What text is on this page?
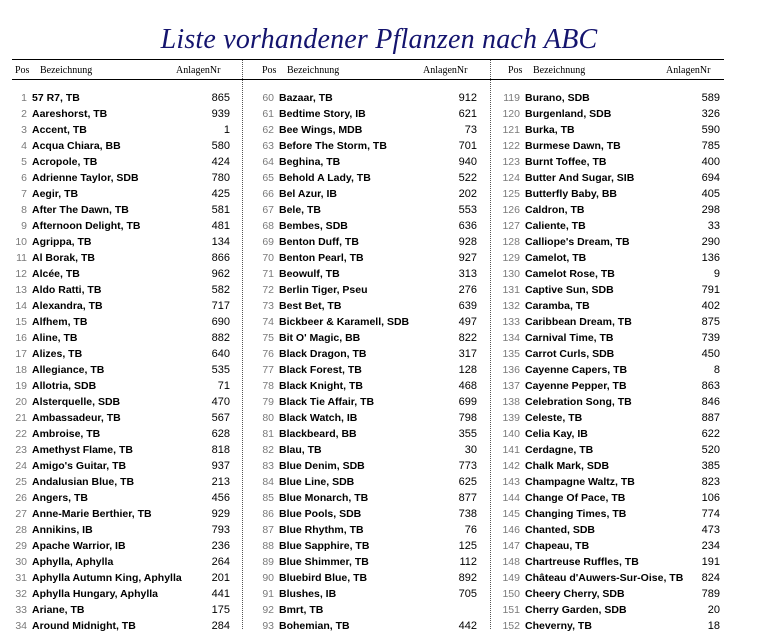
Liste vorhandener Pflanzen nach ABC
Pos Bezeichnung	AnlagenNr	Pos Bezeichnung	AnlagenNr	Pos Bezeichnung	AnlagenNr
1 57 R7, TB	865
2 Aareshorst, TB	939
3 Accent, TB	1
4 Acqua Chiara, BB	580
5 Acropole, TB	424
6 Adrienne Taylor, SDB	780
7 Aegir, TB	425
8 After The Dawn, TB	581
9 Afternoon Delight, TB	481
10 Agrippa, TB	134
11 Al Borak, TB	866
12 Alcée, TB	962
13 Aldo Ratti, TB	582
14 Alexandra, TB	717
15 Alfhem, TB	690
16 Aline, TB	882
17 Alizes, TB	640
18 Allegiance, TB	535
19 Allotria, SDB	71
20 Alsterquelle, SDB	470
21 Ambassadeur, TB	567
22 Ambroise, TB	628
23 Amethyst Flame, TB	818
24 Amigo's Guitar, TB	937
25 Andalusian Blue, TB	213
26 Angers, TB	456
27 Anne-Marie Berthier, TB	929
28 Annikins, IB	793
29 Apache Warrior, IB	236
30 Aphylla, Aphylla	264
31 Aphylla Autumn King, Aphylla	201
32 Aphylla Hungary, Aphylla	441
33 Ariane, TB	175
34 Around Midnight, TB	284
60 Bazaar, TB	912
61 Bedtime Story, IB	621
62 Bee Wings, MDB	73
63 Before The Storm, TB	701
64 Beghina, TB	940
65 Behold A Lady, TB	522
66 Bel Azur, IB	202
67 Bele, TB	553
68 Bembes, SDB	636
69 Benton Duff, TB	928
70 Benton Pearl, TB	927
71 Beowulf, TB	313
72 Berlin Tiger, Pseu	276
73 Best Bet, TB	639
74 Bickbeer & Karamell, SDB	497
75 Bit O' Magic, BB	822
76 Black Dragon, TB	317
77 Black Forest, TB	128
78 Black Knight, TB	468
79 Black Tie Affair, TB	699
80 Black Watch, IB	798
81 Blackbeard, BB	355
82 Blau, TB	30
83 Blue Denim, SDB	773
84 Blue Line, SDB	625
85 Blue Monarch, TB	877
86 Blue Pools, SDB	738
87 Blue Rhythm, TB	76
88 Blue Sapphire, TB	125
89 Blue Shimmer, TB	112
90 Bluebird Blue, TB	892
91 Blushes, IB	705
92 Bmrt, TB
93 Bohemian, TB	442
119 Burano, SDB	589
120 Burgenland, SDB	326
121 Burka, TB	590
122 Burmese Dawn, TB	785
123 Burnt Toffee, TB	400
124 Butter And Sugar, SIB	694
125 Butterfly Baby, BB	405
126 Caldron, TB	298
127 Caliente, TB	33
128 Calliope's Dream, TB	290
129 Camelot, TB	136
130 Camelot Rose, TB	9
131 Captive Sun, SDB	791
132 Caramba, TB	402
133 Caribbean Dream, TB	875
134 Carnival Time, TB	739
135 Carrot Curls, SDB	450
136 Cayenne Capers, TB	8
137 Cayenne Pepper, TB	863
138 Celebration Song, TB	846
139 Celeste, TB	887
140 Celia Kay, IB	622
141 Cerdagne, TB	520
142 Chalk Mark, SDB	385
143 Champagne Waltz, TB	823
144 Change Of Pace, TB	106
145 Changing Times, TB	774
146 Chanted, SDB	473
147 Chapeau, TB	234
148 Chartreuse Ruffles, TB	191
149 Château d'Auwers-Sur-Oise, TB	824
150 Cheery Cherry, SDB	789
151 Cherry Garden, SDB	20
152 Cheverny, TB	18
